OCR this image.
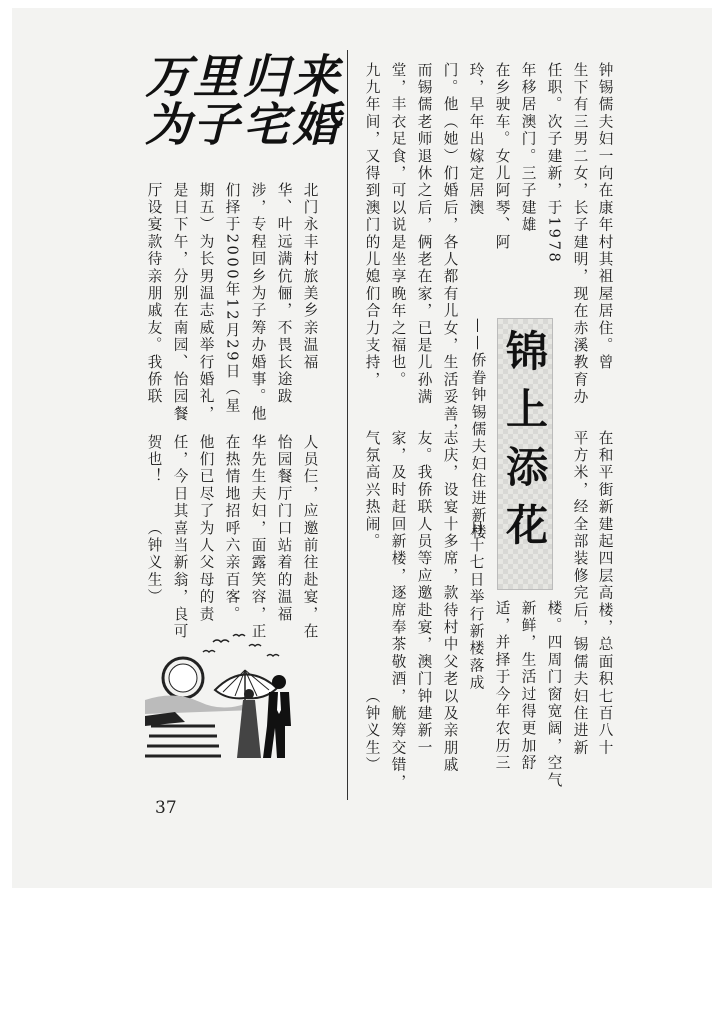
钟锡儒夫妇一向在康年村其祖屋居住。曾
生下有三男二女，长子建明，现在赤溪教育办
任职。次子建新，于1978
年移居澳门。三子建雄
在乡驶车。女儿阿琴、阿
玲，早年出嫁定居澳
门。他（她）们婚后，各人都有儿女，生活妥善，
而锡儒老师退休之后，俩老在家，已是儿孙满
堂，丰衣足食，可以说是坐享晚年之福也。
九九年间，又得到澳门的儿媳们合力支持，
锦上添花
——侨眷钟锡儒夫妇住进新楼
在和平街新建起四层高楼，总面积七百八十
平方米，经全部装修完后，锡儒夫妇住进新
楼。四周门窗宽阔，空气
新鲜，生活过得更加舒
适，并择于今年农历三
月十七日举行新楼落成
志庆，设宴十多席，款待村中父老以及亲朋戚
友。我侨联人员等应邀赴宴，澳门钟建新一
家，及时赶回新楼，逐席奉茶敬酒，觥筹交错，
气氛高兴热闹。
（钟义生）
来婚
归宅
里子
万为
北门永丰村旅美乡亲温福
华、叶远满伉俪，不畏长途跋
涉，专程回乡为子筹办婚事。他
们择于2000年12月29日（星
期五）为长男温志威举行婚礼，
是日下午，分别在南园、怡园餐
厅设宴款待亲朋戚友。我侨联
人员仨，应邀前往赴宴，在
怡园餐厅门口站着的温福
华先生夫妇，面露笑容，正
在热情地招呼六亲百客。
他们已尽了为人父母的责
任，今日其喜当新翁，良可
贺也！
（钟义生）
37
